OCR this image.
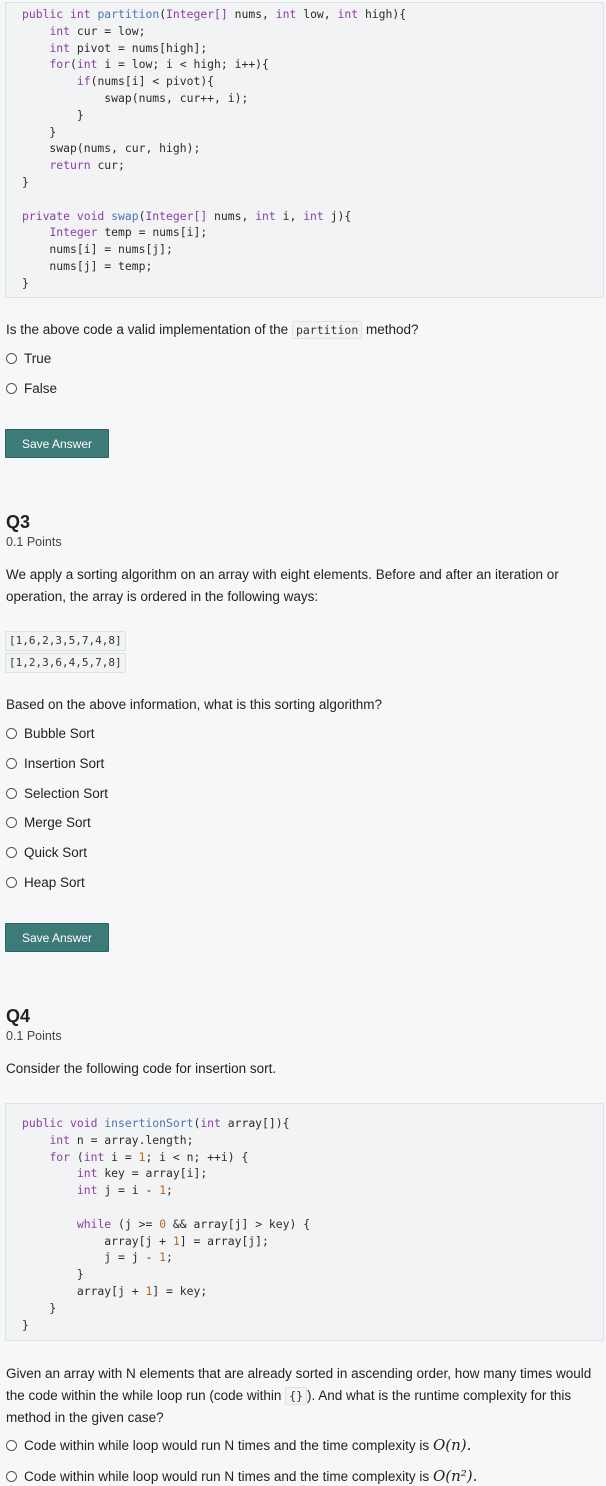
public int partition(Integer[] nums, int low, int high){
int cur = low;
int pivot = nums[high];
for(int i = low; i < high; i++){
if(nums[i] < pivot){
swap(nums, cur++, i);
}
}
swap(nums, cur, high);
return cur;
}

private void swap(Integer[] nums, int i, int j){
Integer temp = nums[i];
nums[i] = nums[j];
nums[j] = temp;
}
Is the above code a valid implementation of the partition method?
True
False
Save Answer
Q3
0.1 Points
We apply a sorting algorithm on an array with eight elements. Before and after an iteration or operation, the array is ordered in the following ways:
[1,6,2,3,5,7,4,8]
[1,2,3,6,4,5,7,8]
Based on the above information, what is this sorting algorithm?
Bubble Sort
Insertion Sort
Selection Sort
Merge Sort
Quick Sort
Heap Sort
Save Answer
Q4
0.1 Points
Consider the following code for insertion sort.
public void insertionSort(int array[]){
int n = array.length;
for (int i = 1; i < n; ++i) {
int key = array[i];
int j = i - 1;

while (j >= 0 && array[j] > key) {
array[j + 1] = array[j];
j = j - 1;
}
array[j + 1] = key;
}
}
Given an array with N elements that are already sorted in ascending order, how many times would the code within the while loop run (code within {} ). And what is the runtime complexity for this method in the given case?
Code within while loop would run N times and the time complexity is
O(n).
Code within while loop would run N times and the time complexity is
O(n²).
